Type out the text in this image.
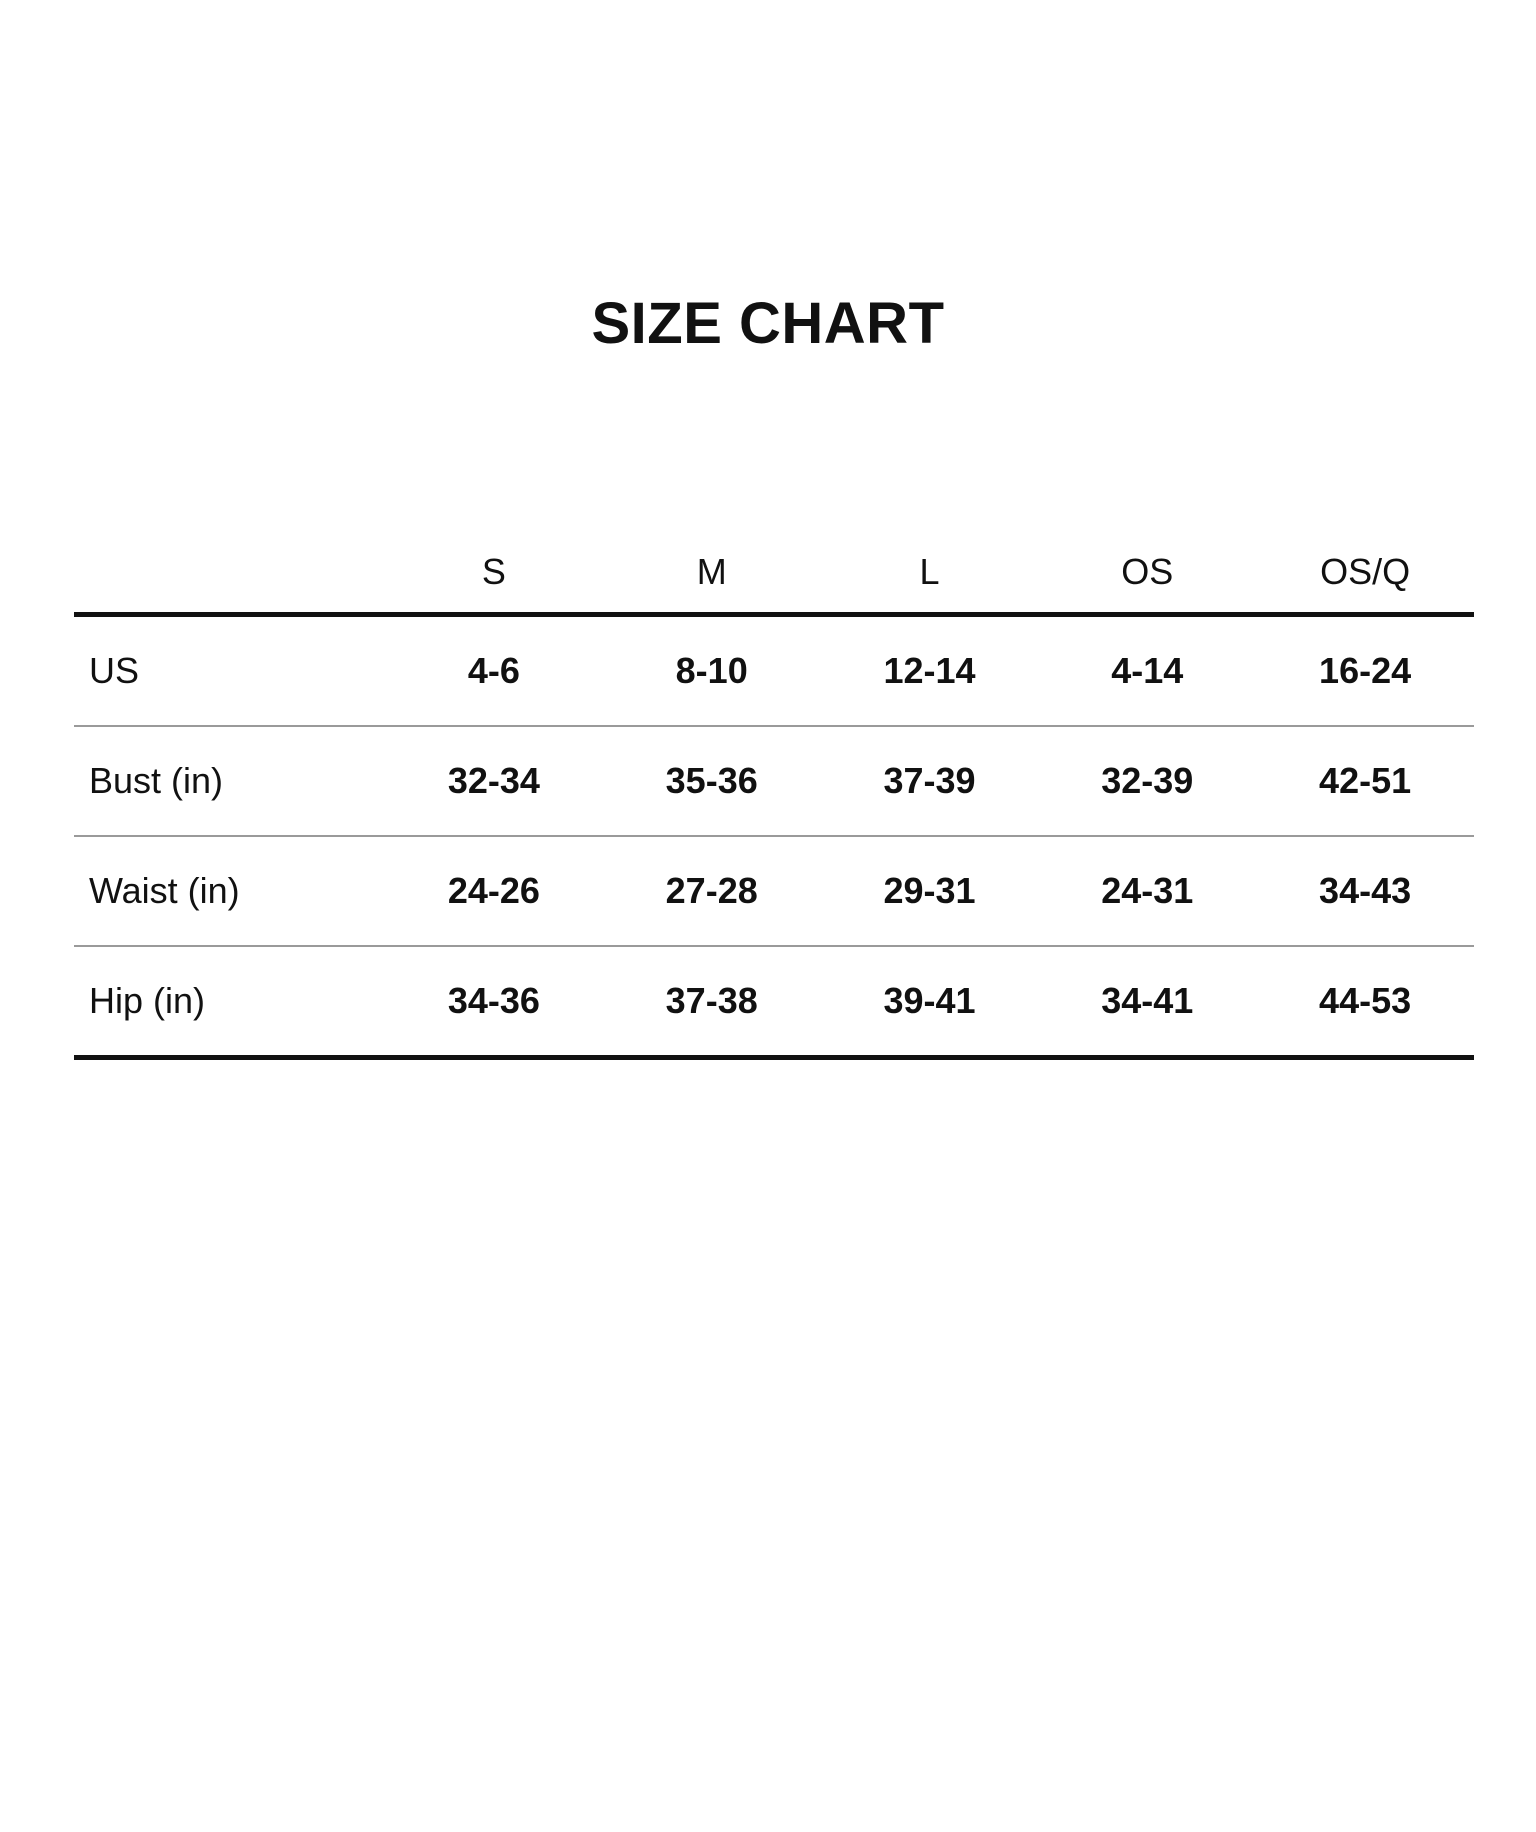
SIZE CHART
	S	M	L	OS	OS/Q
US	4-6	8-10	12-14	4-14	16-24
Bust (in)	32-34	35-36	37-39	32-39	42-51
Waist (in)	24-26	27-28	29-31	24-31	34-43
Hip (in)	34-36	37-38	39-41	34-41	44-53
